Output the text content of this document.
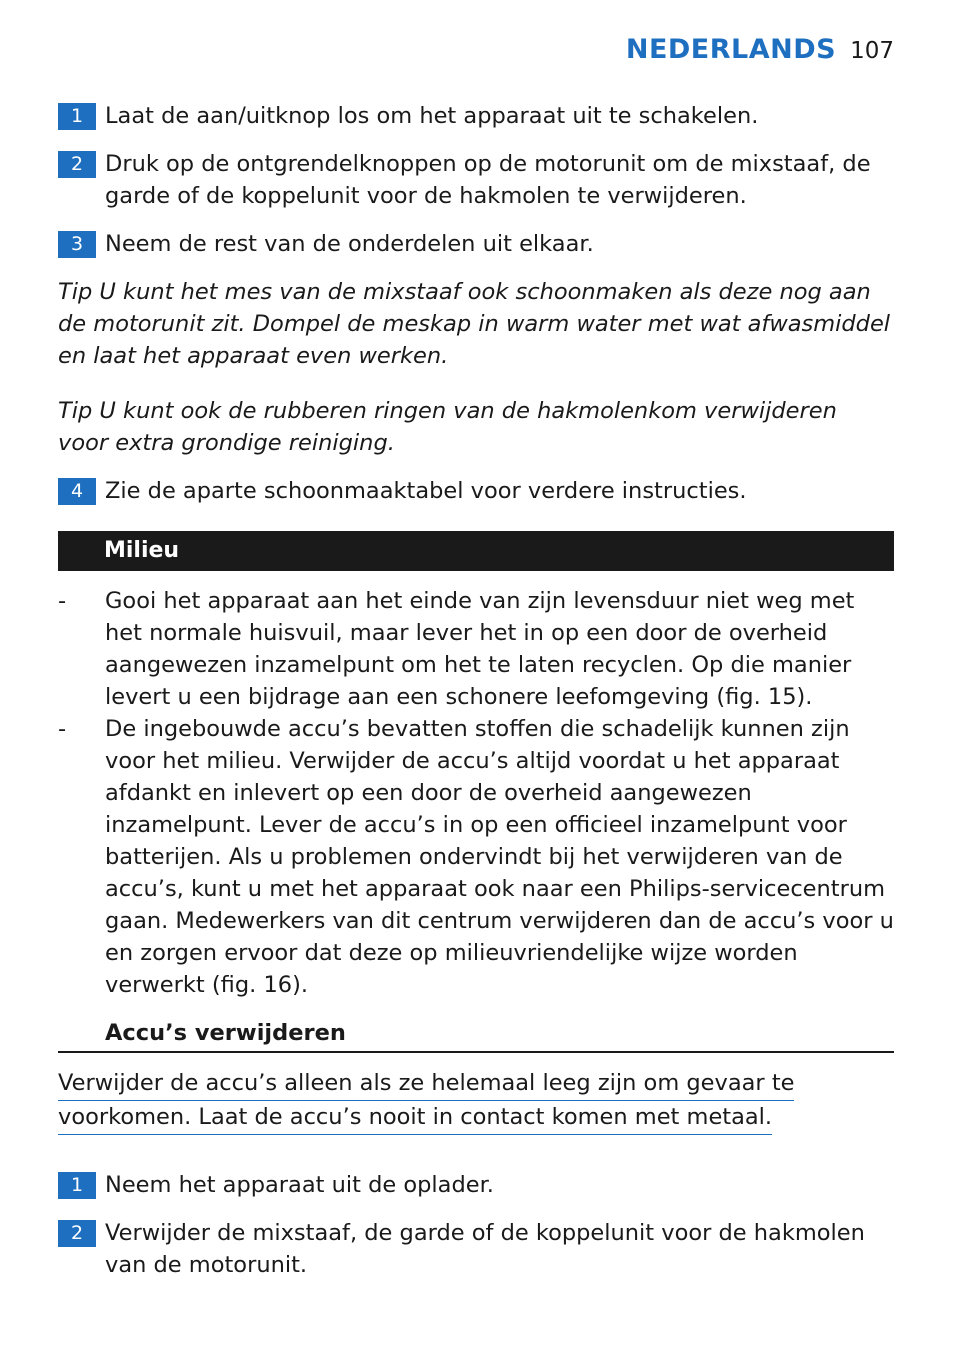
NEDERLANDS 107
1 Laat de aan/uitknop los om het apparaat uit te schakelen.
2 Druk op de ontgrendelknoppen op de motorunit om de mixstaaf, de garde of de koppelunit voor de hakmolen te verwijderen.
3 Neem de rest van de onderdelen uit elkaar.

Tip U kunt het mes van de mixstaaf ook schoonmaken als deze nog aan de motorunit zit. Dompel de meskap in warm water met wat afwasmiddel en laat het apparaat even werken.

Tip U kunt ook de rubberen ringen van de hakmolenkom verwijderen voor extra grondige reiniging.

4 Zie de aparte schoonmaaktabel voor verdere instructies.
Milieu
-	Gooi het apparaat aan het einde van zijn levensduur niet weg met het normale huisvuil, maar lever het in op een door de overheid aangewezen inzamelpunt om het te laten recyclen. Op die manier levert u een bijdrage aan een schonere leefomgeving (fig. 15).
-	De ingebouwde accu’s bevatten stoffen die schadelijk kunnen zijn voor het milieu. Verwijder de accu’s altijd voordat u het apparaat afdankt en inlevert op een door de overheid aangewezen inzamelpunt. Lever de accu’s in op een officieel inzamelpunt voor batterijen. Als u problemen ondervindt bij het verwijderen van de accu’s, kunt u met het apparaat ook naar een Philips-servicecentrum gaan. Medewerkers van dit centrum verwijderen dan de accu’s voor u en zorgen ervoor dat deze op milieuvriendelijke wijze worden verwerkt (fig. 16).
Accu’s verwijderen
Verwijder de accu’s alleen als ze helemaal leeg zijn om gevaar te
voorkomen. Laat de accu’s nooit in contact komen met metaal.
1 Neem het apparaat uit de oplader.
2 Verwijder de mixstaaf, de garde of de koppelunit voor de hakmolen van de motorunit.
